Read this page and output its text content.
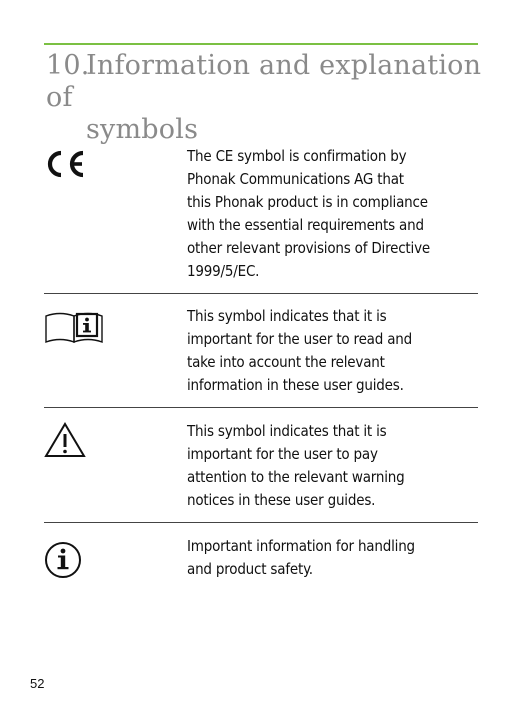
10.Information and explanation of
symbols
The CE symbol is confirmation by
Phonak Communications AG that
this Phonak product is in compliance
with the essential requirements and
other relevant provisions of Directive
1999/5/EC.
This symbol indicates that it is
important for the user to read and
take into account the relevant
information in these user guides.
This symbol indicates that it is
important for the user to pay
attention to the relevant warning
notices in these user guides.
Important information for handling
and product safety.
52
